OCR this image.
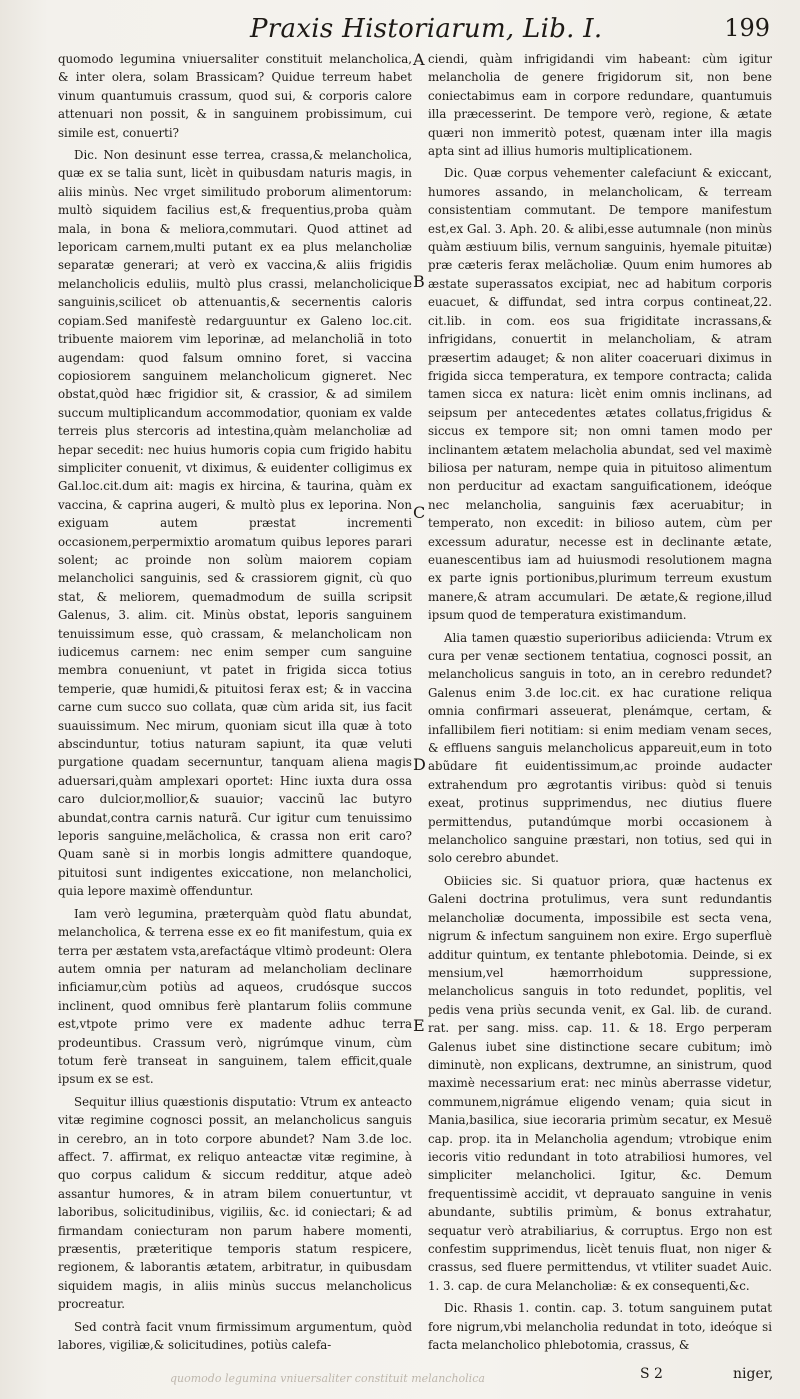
Praxis Historiarum, Lib. I.	199

quomodo legumina vniuersaliter constituit melancholica, & inter olera, solam Brassicam? Quidue terreum habet vinum quantumuis crassum, quod sui, & corporis calore attenuari non possit, & in sanguinem probissimum, cui simile est, conuerti?

Dic. Non desinunt esse terrea, crassa,& melancholica, quæ ex se talia sunt, licèt in quibusdam naturis magis, in aliis minùs. Nec vrget similitudo proborum alimentorum: multò siquidem facilius est,& frequentius,proba quàm mala, in bona & meliora,commutari. Quod attinet ad leporicam carnem,multi putant ex ea plus melancholiæ separatæ generari; at verò ex vaccina,& aliis frigidis melancholicis eduliis, multò plus crassi, melancholicique sanguinis,scilicet ob attenuantis,& secernentis caloris copiam.Sed manifestè redarguuntur ex Galeno loc.cit. tribuente maiorem vim leporinæ, ad melancholiã in toto augendam: quod falsum omnino foret, si vaccina copiosiorem sanguinem melancholicum gigneret. Nec obstat,quòd hæc frigidior sit, & crassior, & ad similem succum multiplicandum accommodatior, quoniam ex valde terreis plus stercoris ad intestina,quàm melancholiæ ad hepar secedit: nec huius humoris copia cum frigido habitu simpliciter conuenit, vt diximus, & euidenter colligimus ex Gal.loc.cit.dum ait: magis ex hircina, & taurina, quàm ex vaccina, & caprina augeri, & multò plus ex leporina. Non exiguam autem præstat incrementi occasionem,perpermixtio aromatum quibus lepores parari solent; ac proinde non solùm maiorem copiam melancholici sanguinis, sed & crassiorem gignit, cù quo stat, & meliorem, quemadmodum de suilla scripsit Galenus, 3. alim. cit. Minùs obstat, leporis sanguinem tenuissimum esse, quò crassam, & melancholicam non iudicemus carnem: nec enim semper cum sanguine membra conueniunt, vt patet in frigida sicca totius temperie, quæ humidi,& pituitosi ferax est; & in vaccina carne cum succo suo collata, quæ cùm arida sit, ius facit suauissimum. Nec mirum, quoniam sicut illa quæ à toto abscinduntur, totius naturam sapiunt, ita quæ veluti purgatione quadam secernuntur, tanquam aliena magis aduersari,quàm amplexari oportet: Hinc iuxta dura ossa caro dulcior,mollior,& suauior; vaccinũ lac butyro abundat,contra carnis naturã. Cur igitur cum tenuissimo leporis sanguine,melãcholica, & crassa non erit caro?Quam sanè si in morbis longis admittere quandoque, pituitosi sunt indigentes exiccatione, non melancholici, quia lepore maximè offenduntur.

Iam verò legumina, præterquàm quòd flatu abundat, melancholica, & terrena esse ex eo fit manifestum, quia ex terra per æstatem vsta,arefactáque vltimò prodeunt: Olera autem omnia per naturam ad melancholiam declinare inficiamur,cùm potiùs ad aqueos, crudósque succos inclinent, quod omnibus ferè plantarum foliis commune est,vtpote primo vere ex madente adhuc terra prodeuntibus. Crassum verò, nigrúmque vinum, cùm totum ferè transeat in sanguinem, talem efficit,quale ipsum ex se est.

Sequitur illius quæstionis disputatio: Vtrum ex anteacto vitæ regimine cognosci possit, an melancholicus sanguis in cerebro, an in toto corpore abundet? Nam 3.de loc. affect. 7. affirmat, ex reliquo anteactæ vitæ regimine, à quo corpus calidum & siccum redditur, atque adeò assantur humores, & in atram bilem conuertuntur, vt laboribus, solicitudinibus, vigiliis, &c. id coniectari; & ad firmandam coniecturam non parum habere momenti, præsentis, præteritique temporis statum respicere, regionem, & laborantis ætatem, arbitratur, in quibusdam siquidem magis, in aliis minùs succus melancholicus procreatur.

Sed contrà facit vnum firmissimum argumentum, quòd labores, vigiliæ,& solicitudines, potiùs calefa-

A
B
C
D
E

ciendi, quàm infrigidandi vim habeant: cùm igitur melancholia de genere frigidorum sit, non bene coniectabimus eam in corpore redundare, quantumuis illa præcesserint. De tempore verò, regione, & ætate quæri non immeritò potest, quænam inter illa magis apta sint ad illius humoris multiplicationem.

Dic. Quæ corpus vehementer calefaciunt & exiccant, humores assando, in melancholicam, & terream consistentiam commutant. De tempore manifestum est,ex Gal. 3. Aph. 20. & alibi,esse autumnale (non minùs quàm æstiuum bilis, vernum sanguinis, hyemale pituitæ) præ cæteris ferax melãcholiæ. Quum enim humores ab æstate superassatos excipiat, nec ad habitum corporis euacuet, & diffundat, sed intra corpus contineat,22. cit.lib. in com. eos sua frigiditate incrassans,& infrigidans, conuertit in melancholiam, & atram præsertim adauget; & non aliter coaceruari diximus in frigida sicca temperatura, ex tempore contracta; calida tamen sicca ex natura: licèt enim omnis inclinans, ad seipsum per antecedentes ætates collatus,frigidus & siccus ex tempore sit; non omni tamen modo per inclinantem ætatem melacholia abundat, sed vel maximè biliosa per naturam, nempe quia in pituitoso alimentum non perducitur ad exactam sanguificationem, ideóque nec melancholia, sanguinis fæx aceruabitur; in temperato, non excedit: in bilioso autem, cùm per excessum aduratur, necesse est in declinante ætate, euanescentibus iam ad huiusmodi resolutionem magna ex parte ignis portionibus,plurimum terreum exustum manere,& atram accumulari. De ætate,& regione,illud ipsum quod de temperatura existimandum.

Alia tamen quæstio superioribus adiicienda: Vtrum ex cura per venæ sectionem tentatiua, cognosci possit, an melancholicus sanguis in toto, an in cerebro redundet? Galenus enim 3.de loc.cit. ex hac curatione reliqua omnia confirmari asseuerat, plenámque, certam, & infallibilem fieri notitiam: si enim mediam venam seces, & effluens sanguis melancholicus appareuit,eum in toto abũdare fit euidentissimum,ac proinde audacter extrahendum pro ægrotantis viribus: quòd si tenuis exeat, protinus supprimendus, nec diutius fluere permittendus, putandúmque morbi occasionem à melancholico sanguine præstari, non totius, sed qui in solo cerebro abundet.

Obiicies sic. Si quatuor priora, quæ hactenus ex Galeni doctrina protulimus, vera sunt redundantis melancholiæ documenta, impossibile est secta vena, nigrum & infectum sanguinem non exire. Ergo superfluè additur quintum, ex tentante phlebotomia. Deinde, si ex mensium,vel hæmorrhoidum suppressione, melancholicus sanguis in toto redundet, poplitis, vel pedis vena priùs secunda venit, ex Gal. lib. de curand. rat. per sang. miss. cap. 11. & 18. Ergo perperam Galenus iubet sine distinctione secare cubitum; imò diminutè, non explicans, dextrumne, an sinistrum, quod maximè necessarium erat: nec minùs aberrasse videtur, communem,nigrámue eligendo venam; quia sicut in Mania,basilica, siue iecoraria primùm secatur, ex Mesuë cap. prop. ita in Melancholia agendum; vtrobique enim iecoris vitio redundant in toto atrabiliosi humores, vel simpliciter melancholici. Igitur, &c. Demum frequentissimè accidit, vt deprauato sanguine in venis abundante, subtilis primùm, & bonus extrahatur, sequatur verò atrabiliarius, & corruptus. Ergo non est confestim supprimendus, licèt tenuis fluat, non niger & crassus, sed fluere permittendus, vt vtiliter suadet Auic. 1. 3. cap. de cura Melancholiæ: & ex consequenti,&c.

Dic. Rhasis 1. contin. cap. 3. totum sanguinem putat fore nigrum,vbi melancholia redundat in toto, ideóque si facta melancholico phlebotomia, crassus, &

quomodo legumina vniuersaliter constituit melancholica	S 2	niger,
